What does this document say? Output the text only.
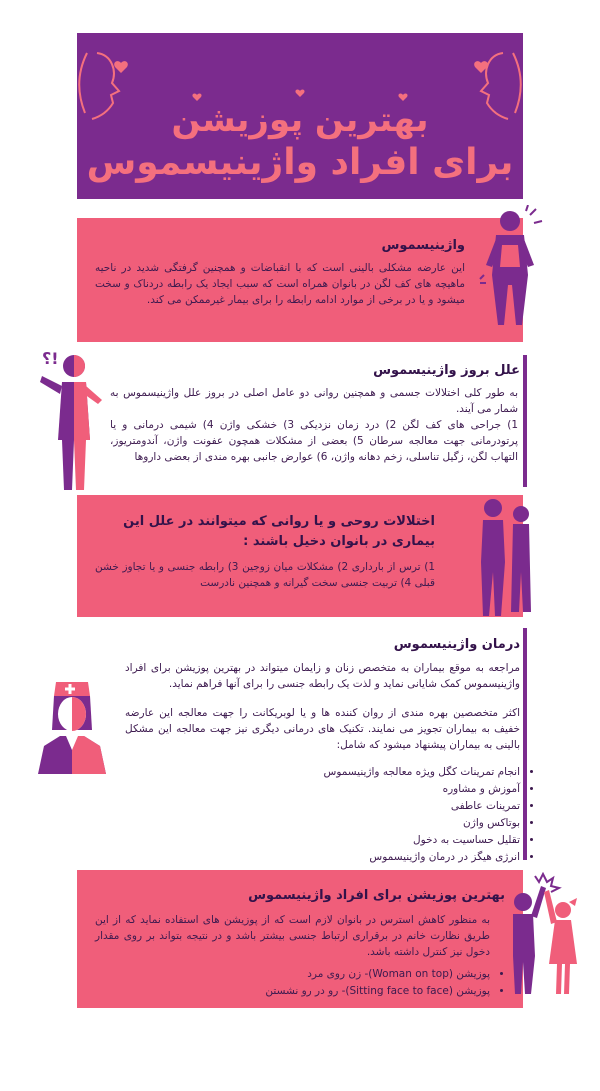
بهترین پوزیشن
برای افراد واژینیسموس
واژینیسموس
این عارضه مشکلی بالینی است که با انقباضات و همچنین گرفتگی شدید در ناحیه ماهیچه های کف لگن در بانوان همراه است که سبب ایجاد یک رابطه دردناک و سخت میشود و یا در برخی از موارد ادامه رابطه را برای بیمار غیرممکن می کند.
؟!
علل بروز واژینیسموس
به طور کلی اختلالات جسمی و همچنین روانی دو عامل اصلی در بروز علل واژینیسموس به شمار می آیند.
1) جراحی های کف لگن 2) درد زمان نزدیکی 3) خشکی واژن 4) شیمی درمانی و یا پرتودرمانی جهت معالجه سرطان 5) بعضی از مشکلات همچون عفونت واژن، آندومتریوز، التهاب لگن، زگیل تناسلی، زخم دهانه واژن، 6) عوارض جانبی بهره مندی از بعضی داروها
اختلالات روحی و یا روانی که میتوانند در علل این بیماری در بانوان دخیل باشند :
1) ترس از بارداری 2) مشکلات میان زوجین 3) رابطه جنسی و یا تجاوز خشن قبلی 4) تربیت جنسی سخت گیرانه و همچنین نادرست
درمان واژینیسموس
مراجعه به موقع بیماران به متخصص زنان و زایمان میتواند در بهترین پوزیشن برای افراد واژینیسموس کمک شایانی نماید و لذت یک رابطه جنسی را برای آنها فراهم نماید.
اکثر متخصصین بهره مندی از روان کننده ها و یا لوبریکانت را جهت معالجه این عارضه خفیف به بیماران تجویز می نمایند. تکنیک های درمانی دیگری نیز جهت معالجه این مشکل بالینی به بیماران پیشنهاد میشود که شامل:
• انجام تمرینات کگل ویژه معالجه واژینیسموس
• آموزش و مشاوره
• تمرینات عاطفی
• بوتاکس واژن
• تقلیل حساسیت به دخول
• انرژی هیگز در درمان واژینیسموس
بهترین پوزیشن برای افراد واژینیسموس
به منظور کاهش استرس در بانوان لازم است که از پوزیشن های استفاده نماید که از این طریق نظارت خانم در برقراری ارتباط جنسی بیشتر باشد و در نتیجه بتواند بر روی مقدار دخول نیز کنترل داشته باشد.
• پوزیشن (Woman on top)- زن روی مرد
• پوزیشن (Sitting face to face)- رو در رو نشستن
